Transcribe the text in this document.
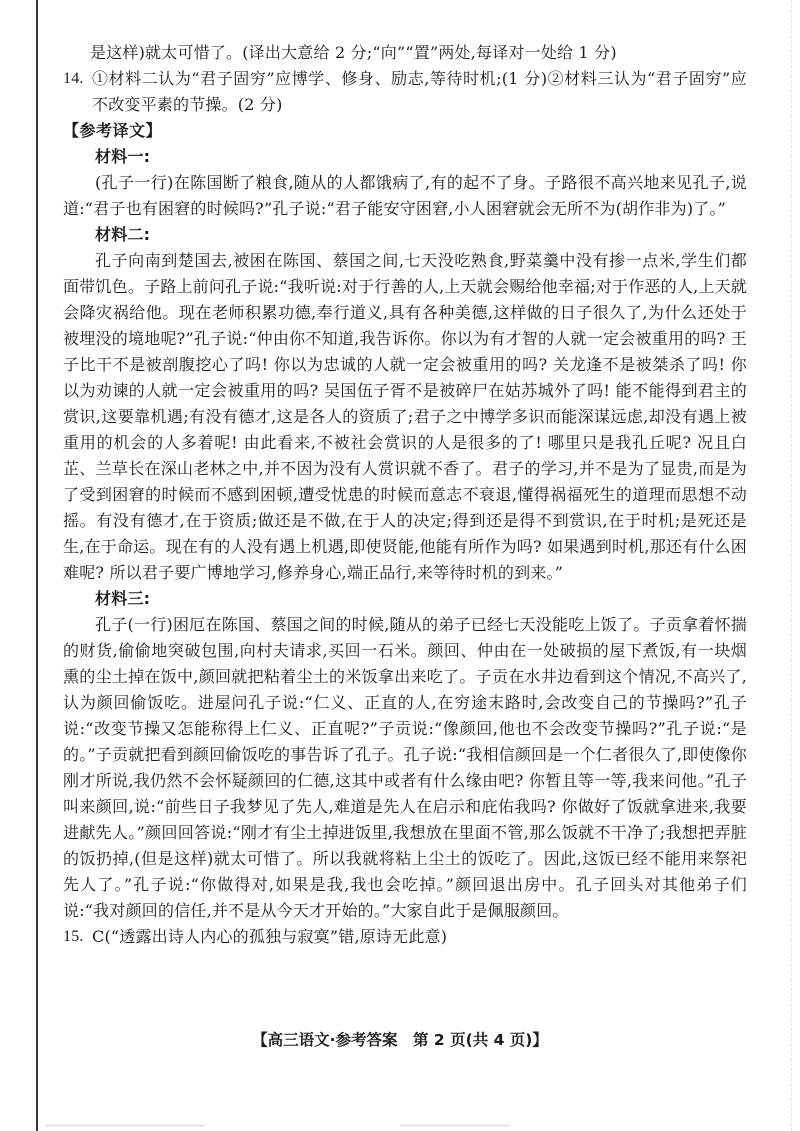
是这样)就太可惜了。(译出大意给 2 分;“向”“置”两处,每译对一处给 1 分)
14. ①材料二认为“君子固穷”应博学、修身、励志,等待时机;(1 分)②材料三认为“君子固穷”应不改变平素的节操。(2 分)
【参考译文】
材料一:
(孔子一行)在陈国断了粮食,随从的人都饿病了,有的起不了身。子路很不高兴地来见孔子,说道:“君子也有困窘的时候吗?”孔子说:“君子能安守困窘,小人困窘就会无所不为(胡作非为)了。”
材料二:
孔子向南到楚国去,被困在陈国、蔡国之间,七天没吃熟食,野菜羹中没有掺一点米,学生们都面带饥色。子路上前问孔子说:“我听说:对于行善的人,上天就会赐给他幸福;对于作恶的人,上天就会降灾祸给他。现在老师积累功德,奉行道义,具有各种美德,这样做的日子很久了,为什么还处于被埋没的境地呢?”孔子说:“仲由你不知道,我告诉你。你以为有才智的人就一定会被重用的吗? 王子比干不是被剖腹挖心了吗! 你以为忠诚的人就一定会被重用的吗? 关龙逢不是被桀杀了吗! 你以为劝谏的人就一定会被重用的吗? 吴国伍子胥不是被碎尸在姑苏城外了吗! 能不能得到君主的赏识,这要靠机遇;有没有德才,这是各人的资质了;君子之中博学多识而能深谋远虑,却没有遇上被重用的机会的人多着呢! 由此看来,不被社会赏识的人是很多的了! 哪里只是我孔丘呢? 况且白芷、兰草长在深山老林之中,并不因为没有人赏识就不香了。君子的学习,并不是为了显贵,而是为了受到困窘的时候而不感到困顿,遭受忧患的时候而意志不衰退,懂得祸福死生的道理而思想不动摇。有没有德才,在于资质;做还是不做,在于人的决定;得到还是得不到赏识,在于时机;是死还是生,在于命运。现在有的人没有遇上机遇,即使贤能,他能有所作为吗? 如果遇到时机,那还有什么困难呢? 所以君子要广博地学习,修养身心,端正品行,来等待时机的到来。”
材料三:
孔子(一行)困厄在陈国、蔡国之间的时候,随从的弟子已经七天没能吃上饭了。子贡拿着怀揣的财货,偷偷地突破包围,向村夫请求,买回一石米。颜回、仲由在一处破损的屋下煮饭,有一块烟熏的尘土掉在饭中,颜回就把粘着尘土的米饭拿出来吃了。子贡在水井边看到这个情况,不高兴了,认为颜回偷饭吃。进屋问孔子说:“仁义、正直的人,在穷途末路时,会改变自己的节操吗?”孔子说:“改变节操又怎能称得上仁义、正直呢?”子贡说:“像颜回,他也不会改变节操吗?”孔子说:“是的。”子贡就把看到颜回偷饭吃的事告诉了孔子。孔子说:“我相信颜回是一个仁者很久了,即使像你刚才所说,我仍然不会怀疑颜回的仁德,这其中或者有什么缘由吧? 你暂且等一等,我来问他。”孔子叫来颜回,说:“前些日子我梦见了先人,难道是先人在启示和庇佑我吗? 你做好了饭就拿进来,我要进献先人。”颜回回答说:“刚才有尘土掉进饭里,我想放在里面不管,那么饭就不干净了;我想把弄脏的饭扔掉,(但是这样)就太可惜了。所以我就将粘上尘土的饭吃了。因此,这饭已经不能用来祭祀先人了。”孔子说:“你做得对,如果是我,我也会吃掉。”颜回退出房中。孔子回头对其他弟子们说:“我对颜回的信任,并不是从今天才开始的。”大家自此于是佩服颜回。
15. C(“透露出诗人内心的孤独与寂寞”错,原诗无此意)
【高三语文·参考答案　第 2 页(共 4 页)】
